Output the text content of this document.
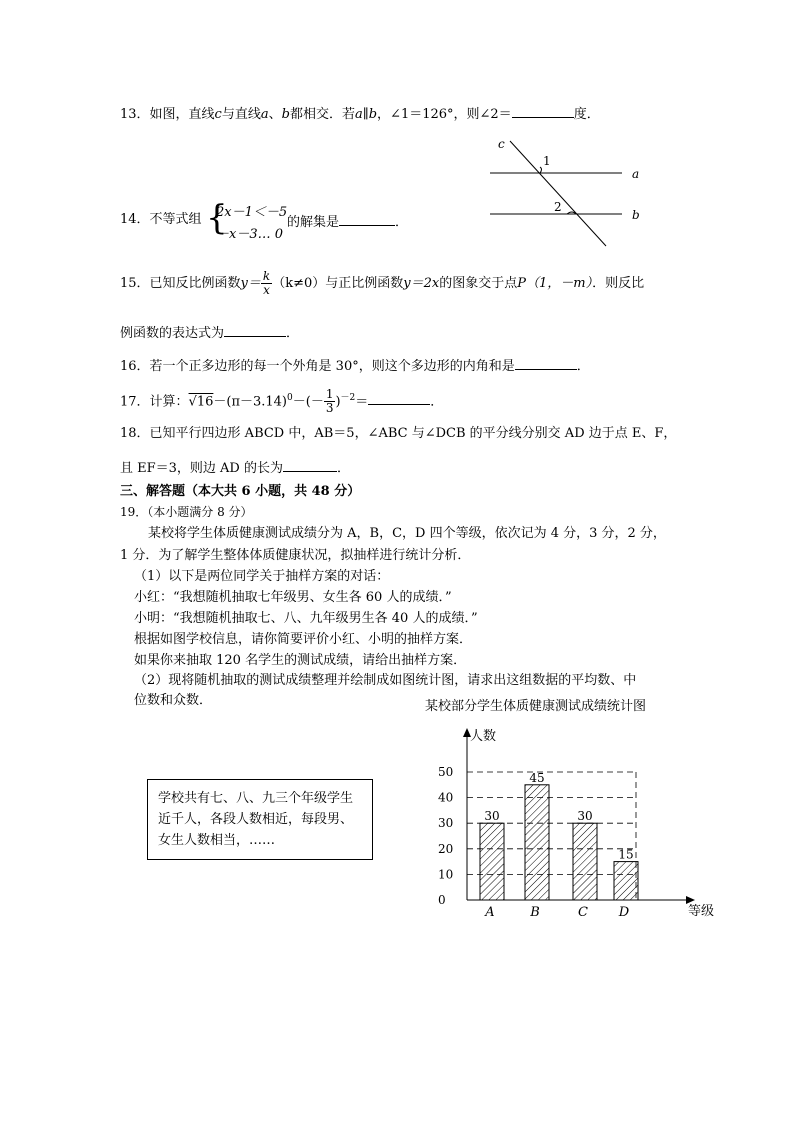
13．如图，直线c与直线a、b都相交．若a∥b，∠1＝126°，则∠2＝	度．
c
1
a
2
b
14．不等式组 {
2x－1＜－5
－x－3… 0
的解集是	．
15．已知反比例函数$y= \frac{k}{x} (k\ne 0)$与正比例函数y＝2x的图象交于点P（1，－m）．则反比
例函数的表达式为	．
16．若一个正多边形的每一个外角是 30°，则这个多边形的内角和是	．
17．计算：$√16-(\pi-3.14)^0-(- \frac{1}{3} )^{-2}=$	．
18．已知平行四边形 ABCD 中，AB＝5，∠ABC 与∠DCB 的平分线分别交 AD 边于点 E、F，
且 EF＝3，则边 AD 的长为	．
三、解答题（本大共 6 小题，共 48 分）
19．（本小题满分 8 分）
某校将学生体质健康测试成绩分为 A，B，C，D 四个等级，依次记为 4 分，3 分，2 分，
1 分．为了解学生整体体质健康状况，拟抽样进行统计分析．
（1）以下是两位同学关于抽样方案的对话：
小红：“我想随机抽取七年级男、女生各 60 人的成绩．”
小明：“我想随机抽取七、八、九年级男生各 40 人的成绩．”
根据如图学校信息，请你简要评价小红、小明的抽样方案．
如果你来抽取 120 名学生的测试成绩，请给出抽样方案．
（2）现将随机抽取的测试成绩整理并绘制成如图统计图，请求出这组数据的平均数、中
位数和众数．
学校共有七、八、九三个年级学生近千人，各段人数相近，每段男、女生人数相当，……
某校部分学生体质健康测试成绩统计图
人数
等级
0
10
20
30
40
50
30
A
45
B
30
C
15
D
